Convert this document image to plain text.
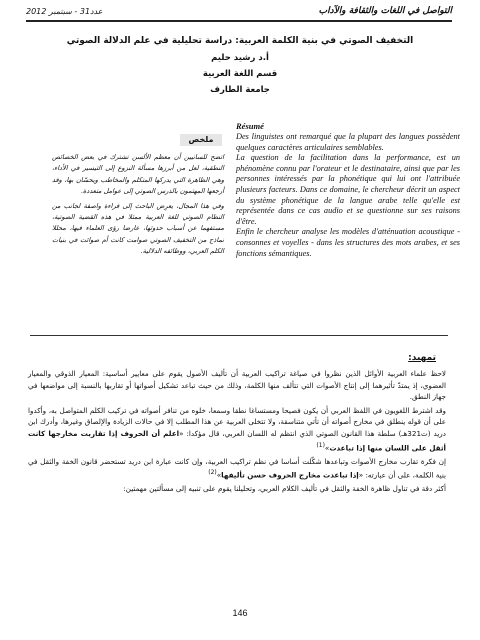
التواصل في اللغات والثقافة والآداب
عدد31 - سبتمبر 2012
التخفيف الصوتي في بنية الكلمة العربية: دراسة تحليلية في علم الدلالة الصوتي
أ.د رشيد حليم
قسم اللغة العربية
جامعة الطارف
Résumé

Des linguistes ont remarqué que la plupart des langues possèdent quelques caractères articulaires semblables.

La question de la facilitation dans la performance, est un phénomène connu par l'orateur et le destinataire, ainsi que par les personnes intéressés par la phonétique qui lui ont l'attribuée plusieurs facteurs. Dans ce domaine, le chercheur décrit un aspect du système phonétique de la langue arabe telle qu'elle est représentée dans ce cas audio et se questionne sur ses raisons d'être.

Enfin le chercheur analyse les modèles d'atténuation acoustique -consonnes et voyelles - dans les structures des mots arabes, et ses fonctions sémantiques.

ملخص

اتضح للسانيين أن معظم الألسن تشترك في بعض الخصائص النطقية، لعل من أبرزها مسألة النزوع إلى التيسير في الأداء، وهي الظاهرة التي يدركها المتكلم والمخاطب ويحسّان بها، وقد أرجعها المهتمون بالدرس الصوتي إلى عوامل متعددة.

وفي هذا المجال، يعرِض الباحث إلى قراءة واصفة لجانب من النظام الصوتي للغة العربية ممثلا في هذه القضية الصوتية، مستفهما عن أسباب حدوثها، عارضا رؤى العلماء فيها، محللا نماذج من التخفيف الصوتي صوامت كانت أم صوائت في بنيات الكلم العربي، ووظائفه الدلالية.

تمهيد:

لاحظ علماء العربية الأوائل الذين نظروا في صياغة تراكيب العربية أن تأليف الأصول يقوم على معايير أساسية: المعيار الذوقي والمعيار العضوي، إذ يمتدّ تأثيرهما إلى إنتاج الأصوات التي تتألف منها الكلمة، وذلك من حيث تباعد تشكيل أصواتها أو تقاربها بالنسبة إلى مواضعها في جهاز النطق.

وقد اشترط اللغويون في اللفظ العربي أن يكون فصيحا ومستساغا نطقا وسمعا، خلوه من تنافر أصواته في تركيب الكلم المتواصل به، وأكدوا على أن قوله ينطلق في مخارج أصواته أن تأتي متناسقة، ولا تتخلى العربية عن هذا المطلب إلا في حالات الزيادة والإلصاق وغيرها، وأدرك ابن دريد (ت321هـ) سلطة هذا القانون الصوتي الذي انتظم له اللسان العربي، قال مؤكدا: «اعلم أن الحروف إذا تقاربت مخارجها كانت أثقل على اللسان منها إذا تباعدت»$^{(1)}$

إن فكرة تقارب مخارج الأصوات وتباعدها شكّلت أساسا في نظم تراكيب العربية، وإن كانت عبارة ابن دريد تستحضر قانون الخفة والثقل في بنية الكلمة، على أن عبارته: «إذا تباعدت مخارج الحروف حسن تأليفها»$^{(2)}$

أكثر دقة في تناول ظاهرة الخفة والثقل في تأليف الكلام العربي، وتحليلنا يقوم على تنبيه إلى مسألتين مهمتين:

146
